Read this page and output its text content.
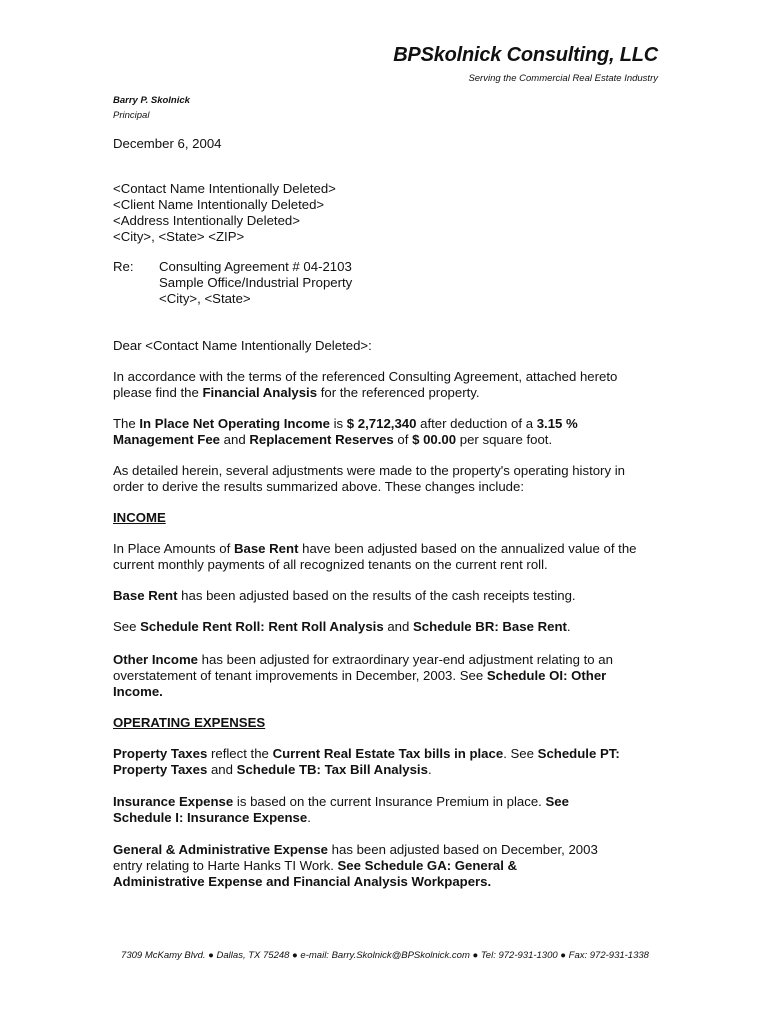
BPSkolnick Consulting, LLC
Serving the Commercial Real Estate Industry
Barry P. Skolnick
Principal
December 6, 2004
<Contact Name Intentionally Deleted>
<Client Name Intentionally Deleted>
<Address Intentionally Deleted>
<City>, <State> <ZIP>
Re: Consulting Agreement # 04-2103
Sample Office/Industrial Property
<City>, <State>
Dear <Contact Name Intentionally Deleted>:
In accordance with the terms of the referenced Consulting Agreement, attached hereto
please find the Financial Analysis for the referenced property.
The In Place Net Operating Income is $ 2,712,340 after deduction of a 3.15 %
Management Fee and Replacement Reserves of $ 00.00 per square foot.
As detailed herein, several adjustments were made to the property's operating history in
order to derive the results summarized above. These changes include:
INCOME
In Place Amounts of Base Rent have been adjusted based on the annualized value of the
current monthly payments of all recognized tenants on the current rent roll.
Base Rent has been adjusted based on the results of the cash receipts testing.
See Schedule Rent Roll: Rent Roll Analysis and Schedule BR: Base Rent.
Other Income has been adjusted for extraordinary year-end adjustment relating to an
overstatement of tenant improvements in December, 2003. See Schedule OI: Other
Income.
OPERATING EXPENSES
Property Taxes reflect the Current Real Estate Tax bills in place. See Schedule PT:
Property Taxes and Schedule TB: Tax Bill Analysis.
Insurance Expense is based on the current Insurance Premium in place. See
Schedule I: Insurance Expense.
General & Administrative Expense has been adjusted based on December, 2003
entry relating to Harte Hanks TI Work. See Schedule GA: General &
Administrative Expense and Financial Analysis Workpapers.
7309 McKamy Blvd. ● Dallas, TX 75248 ● e-mail: Barry.Skolnick@BPSkolnick.com ● Tel: 972-931-1300 ● Fax: 972-931-1338
